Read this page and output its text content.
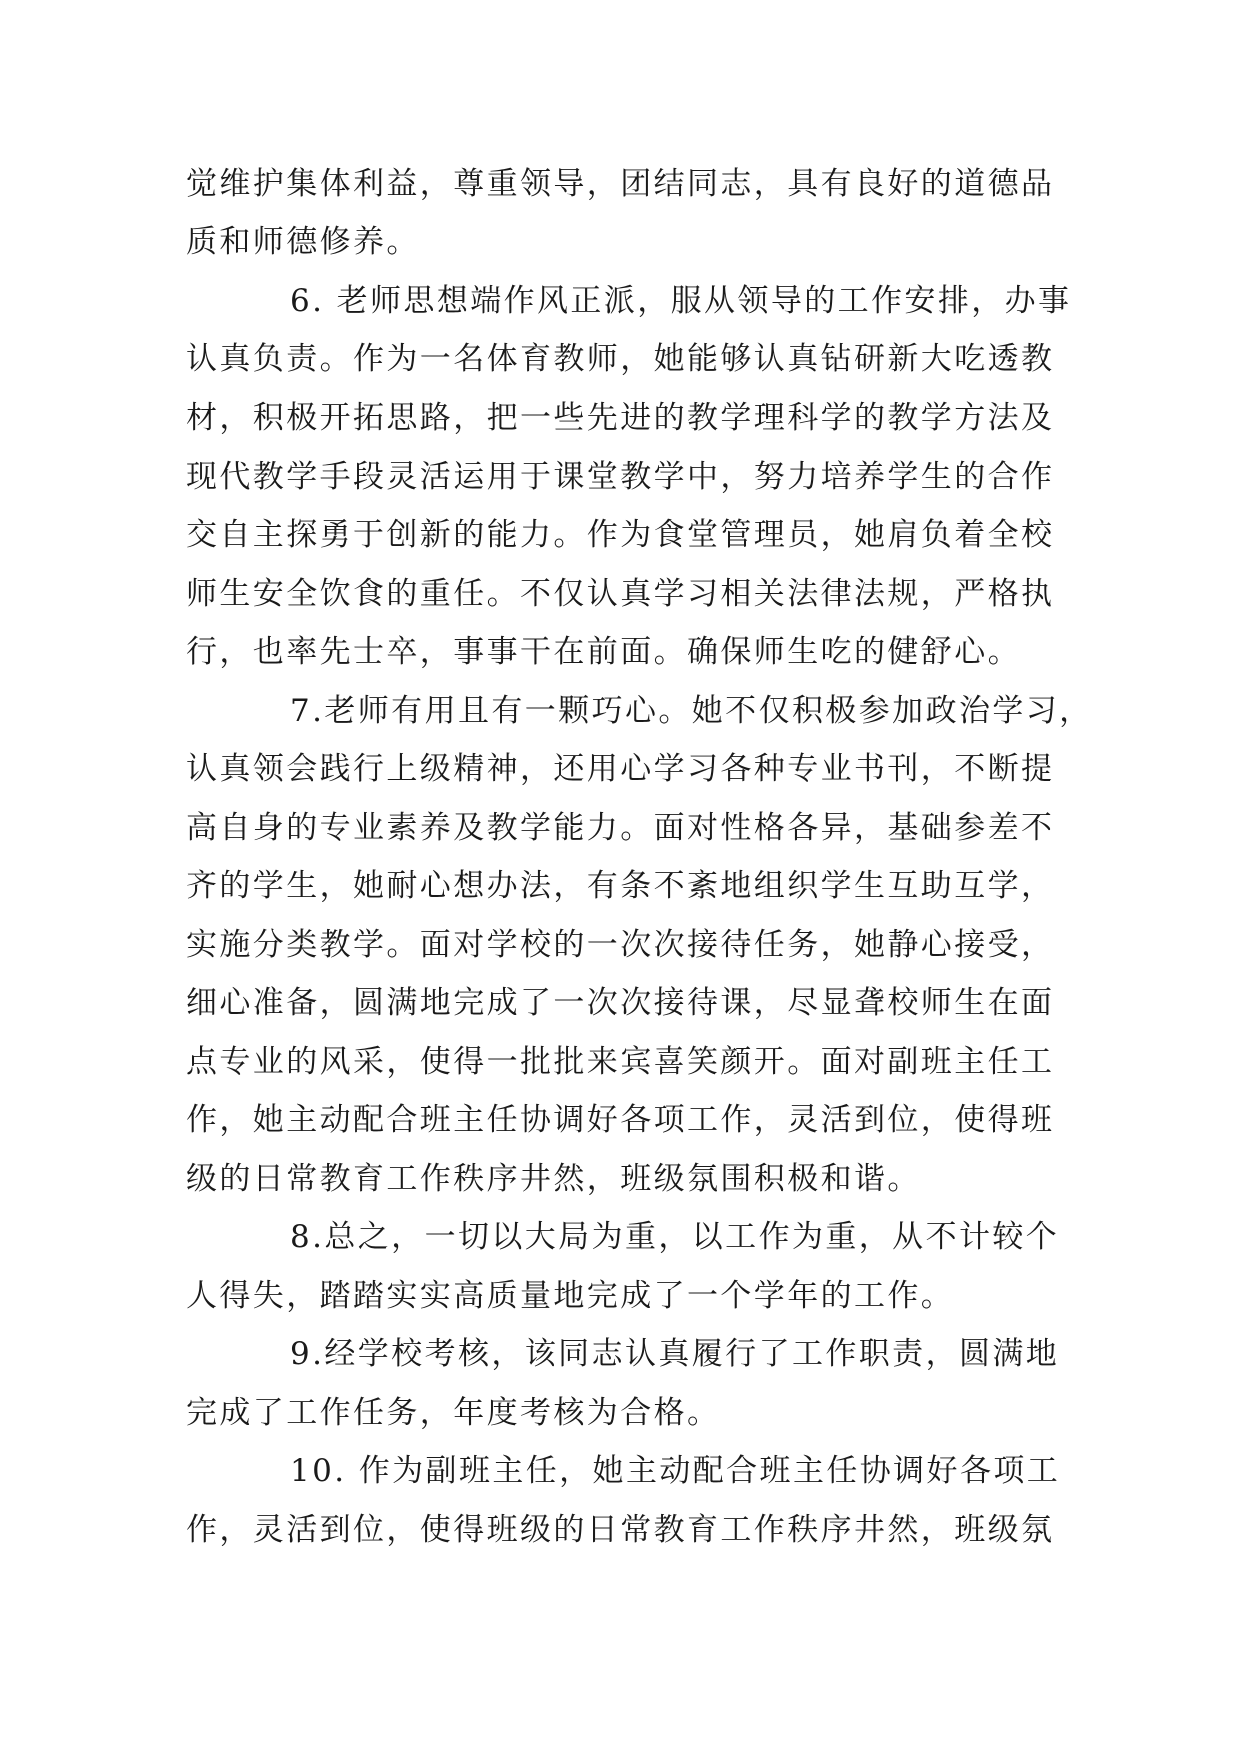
觉维护集体利益，尊重领导，团结同志，具有良好的道德品
质和师德修养。
6. 老师思想端作风正派，服从领导的工作安排，办事
认真负责。作为一名体育教师，她能够认真钻研新大吃透教
材，积极开拓思路，把一些先进的教学理科学的教学方法及
现代教学手段灵活运用于课堂教学中，努力培养学生的合作
交自主探勇于创新的能力。作为食堂管理员，她肩负着全校
师生安全饮食的重任。不仅认真学习相关法律法规，严格执
行，也率先士卒，事事干在前面。确保师生吃的健舒心。
7.老师有用且有一颗巧心。她不仅积极参加政治学习，
认真领会践行上级精神，还用心学习各种专业书刊，不断提
高自身的专业素养及教学能力。面对性格各异，基础参差不
齐的学生，她耐心想办法，有条不紊地组织学生互助互学，
实施分类教学。面对学校的一次次接待任务，她静心接受，
细心准备，圆满地完成了一次次接待课，尽显聋校师生在面
点专业的风采，使得一批批来宾喜笑颜开。面对副班主任工
作，她主动配合班主任协调好各项工作，灵活到位，使得班
级的日常教育工作秩序井然，班级氛围积极和谐。
8.总之，一切以大局为重，以工作为重，从不计较个
人得失，踏踏实实高质量地完成了一个学年的工作。
9.经学校考核，该同志认真履行了工作职责，圆满地
完成了工作任务，年度考核为合格。
10. 作为副班主任，她主动配合班主任协调好各项工
作，灵活到位，使得班级的日常教育工作秩序井然，班级氛
